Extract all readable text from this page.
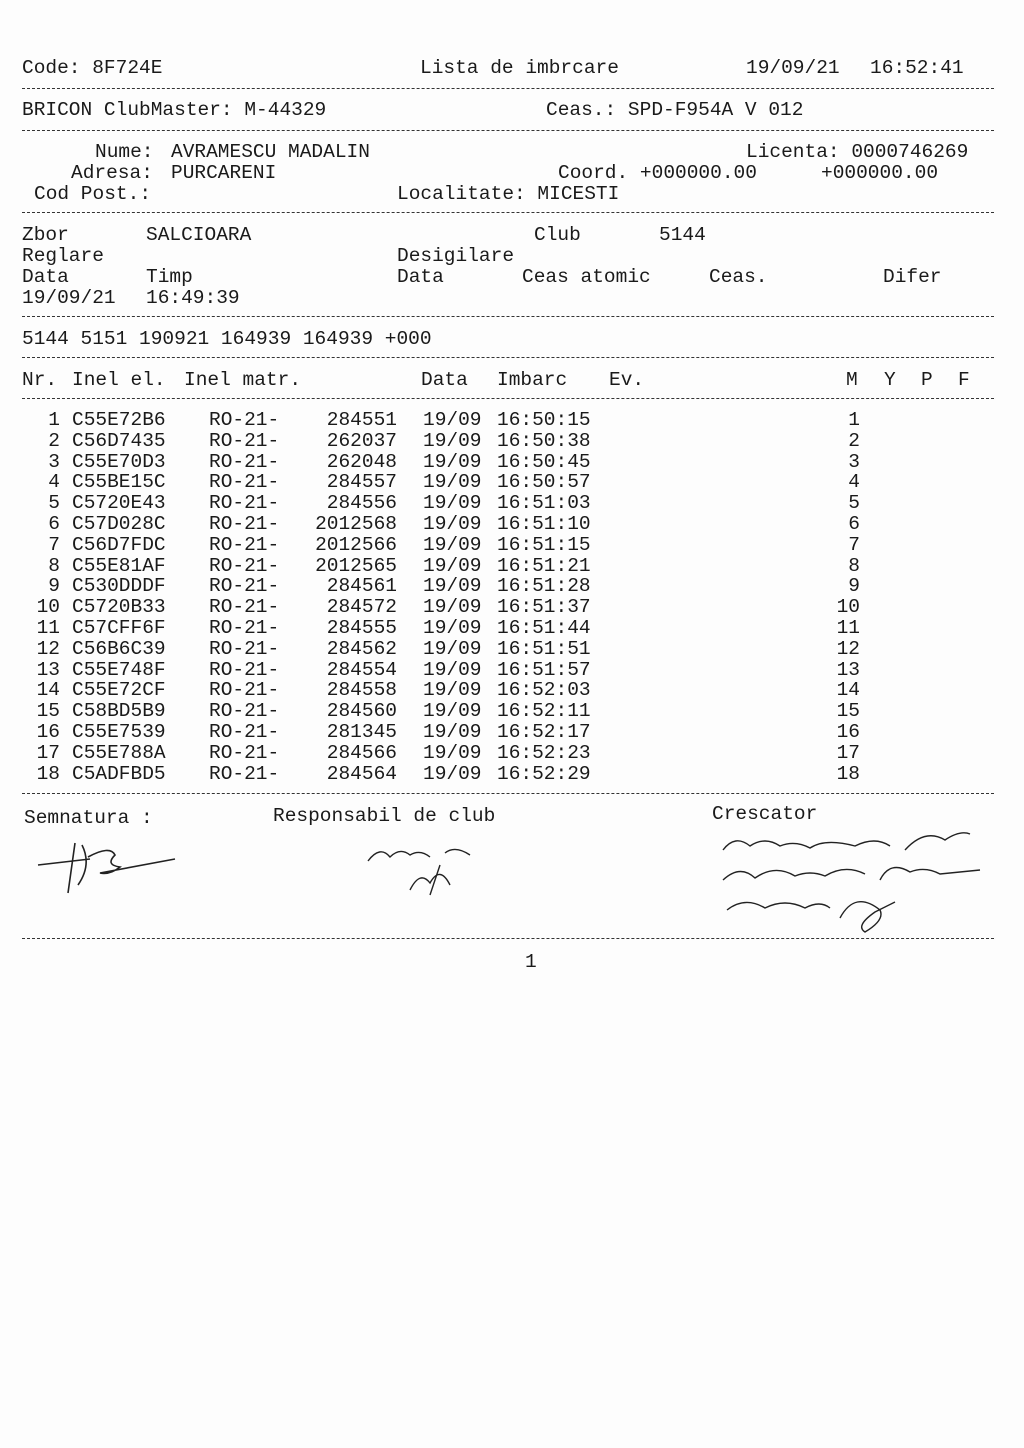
Code: 8F724E	Lista de imbrcare	19/09/21 16:52:41
BRICON ClubMaster: M-44329	Ceas.: SPD-F954A V 012
Nume: AVRAMESCU MADALIN	Licenta: 0000746269
Adresa: PURCARENI	Coord. +000000.00	+000000.00
Cod Post.:	Localitate: MICESTI
Zbor	SALCIOARA	Club	5144
Reglare	Desigilare
Data	Timp	Data	Ceas atomic	Ceas.	Difer
19/09/21 16:49:39
5144 5151 190921 164939 164939 +000
Nr. Inel el. Inel matr.	Data Imbarc Ev.	M Y P F
1 C55E72B6 RO-21- 284551 19/09 16:50:15	1
2 C56D7435 RO-21- 262037 19/09 16:50:38	2
3 C55E70D3 RO-21- 262048 19/09 16:50:45	3
4 C55BE15C RO-21- 284557 19/09 16:50:57	4
5 C5720E43 RO-21- 284556 19/09 16:51:03	5
6 C57D028C RO-21- 2012568 19/09 16:51:10	6
7 C56D7FDC RO-21- 2012566 19/09 16:51:15	7
8 C55E81AF RO-21- 2012565 19/09 16:51:21	8
9 C530DDDF RO-21- 284561 19/09 16:51:28	9
10 C5720B33 RO-21- 284572 19/09 16:51:37	10
11 C57CFF6F RO-21- 284555 19/09 16:51:44	11
12 C56B6C39 RO-21- 284562 19/09 16:51:51	12
13 C55E748F RO-21- 284554 19/09 16:51:57	13
14 C55E72CF RO-21- 284558 19/09 16:52:03	14
15 C58BD5B9 RO-21- 284560 19/09 16:52:11	15
16 C55E7539 RO-21- 281345 19/09 16:52:17	16
17 C55E788A RO-21- 284566 19/09 16:52:23	17
18 C5ADFBD5 RO-21- 284564 19/09 16:52:29	18
Semnatura :	Responsabil de club	Crescator
1
